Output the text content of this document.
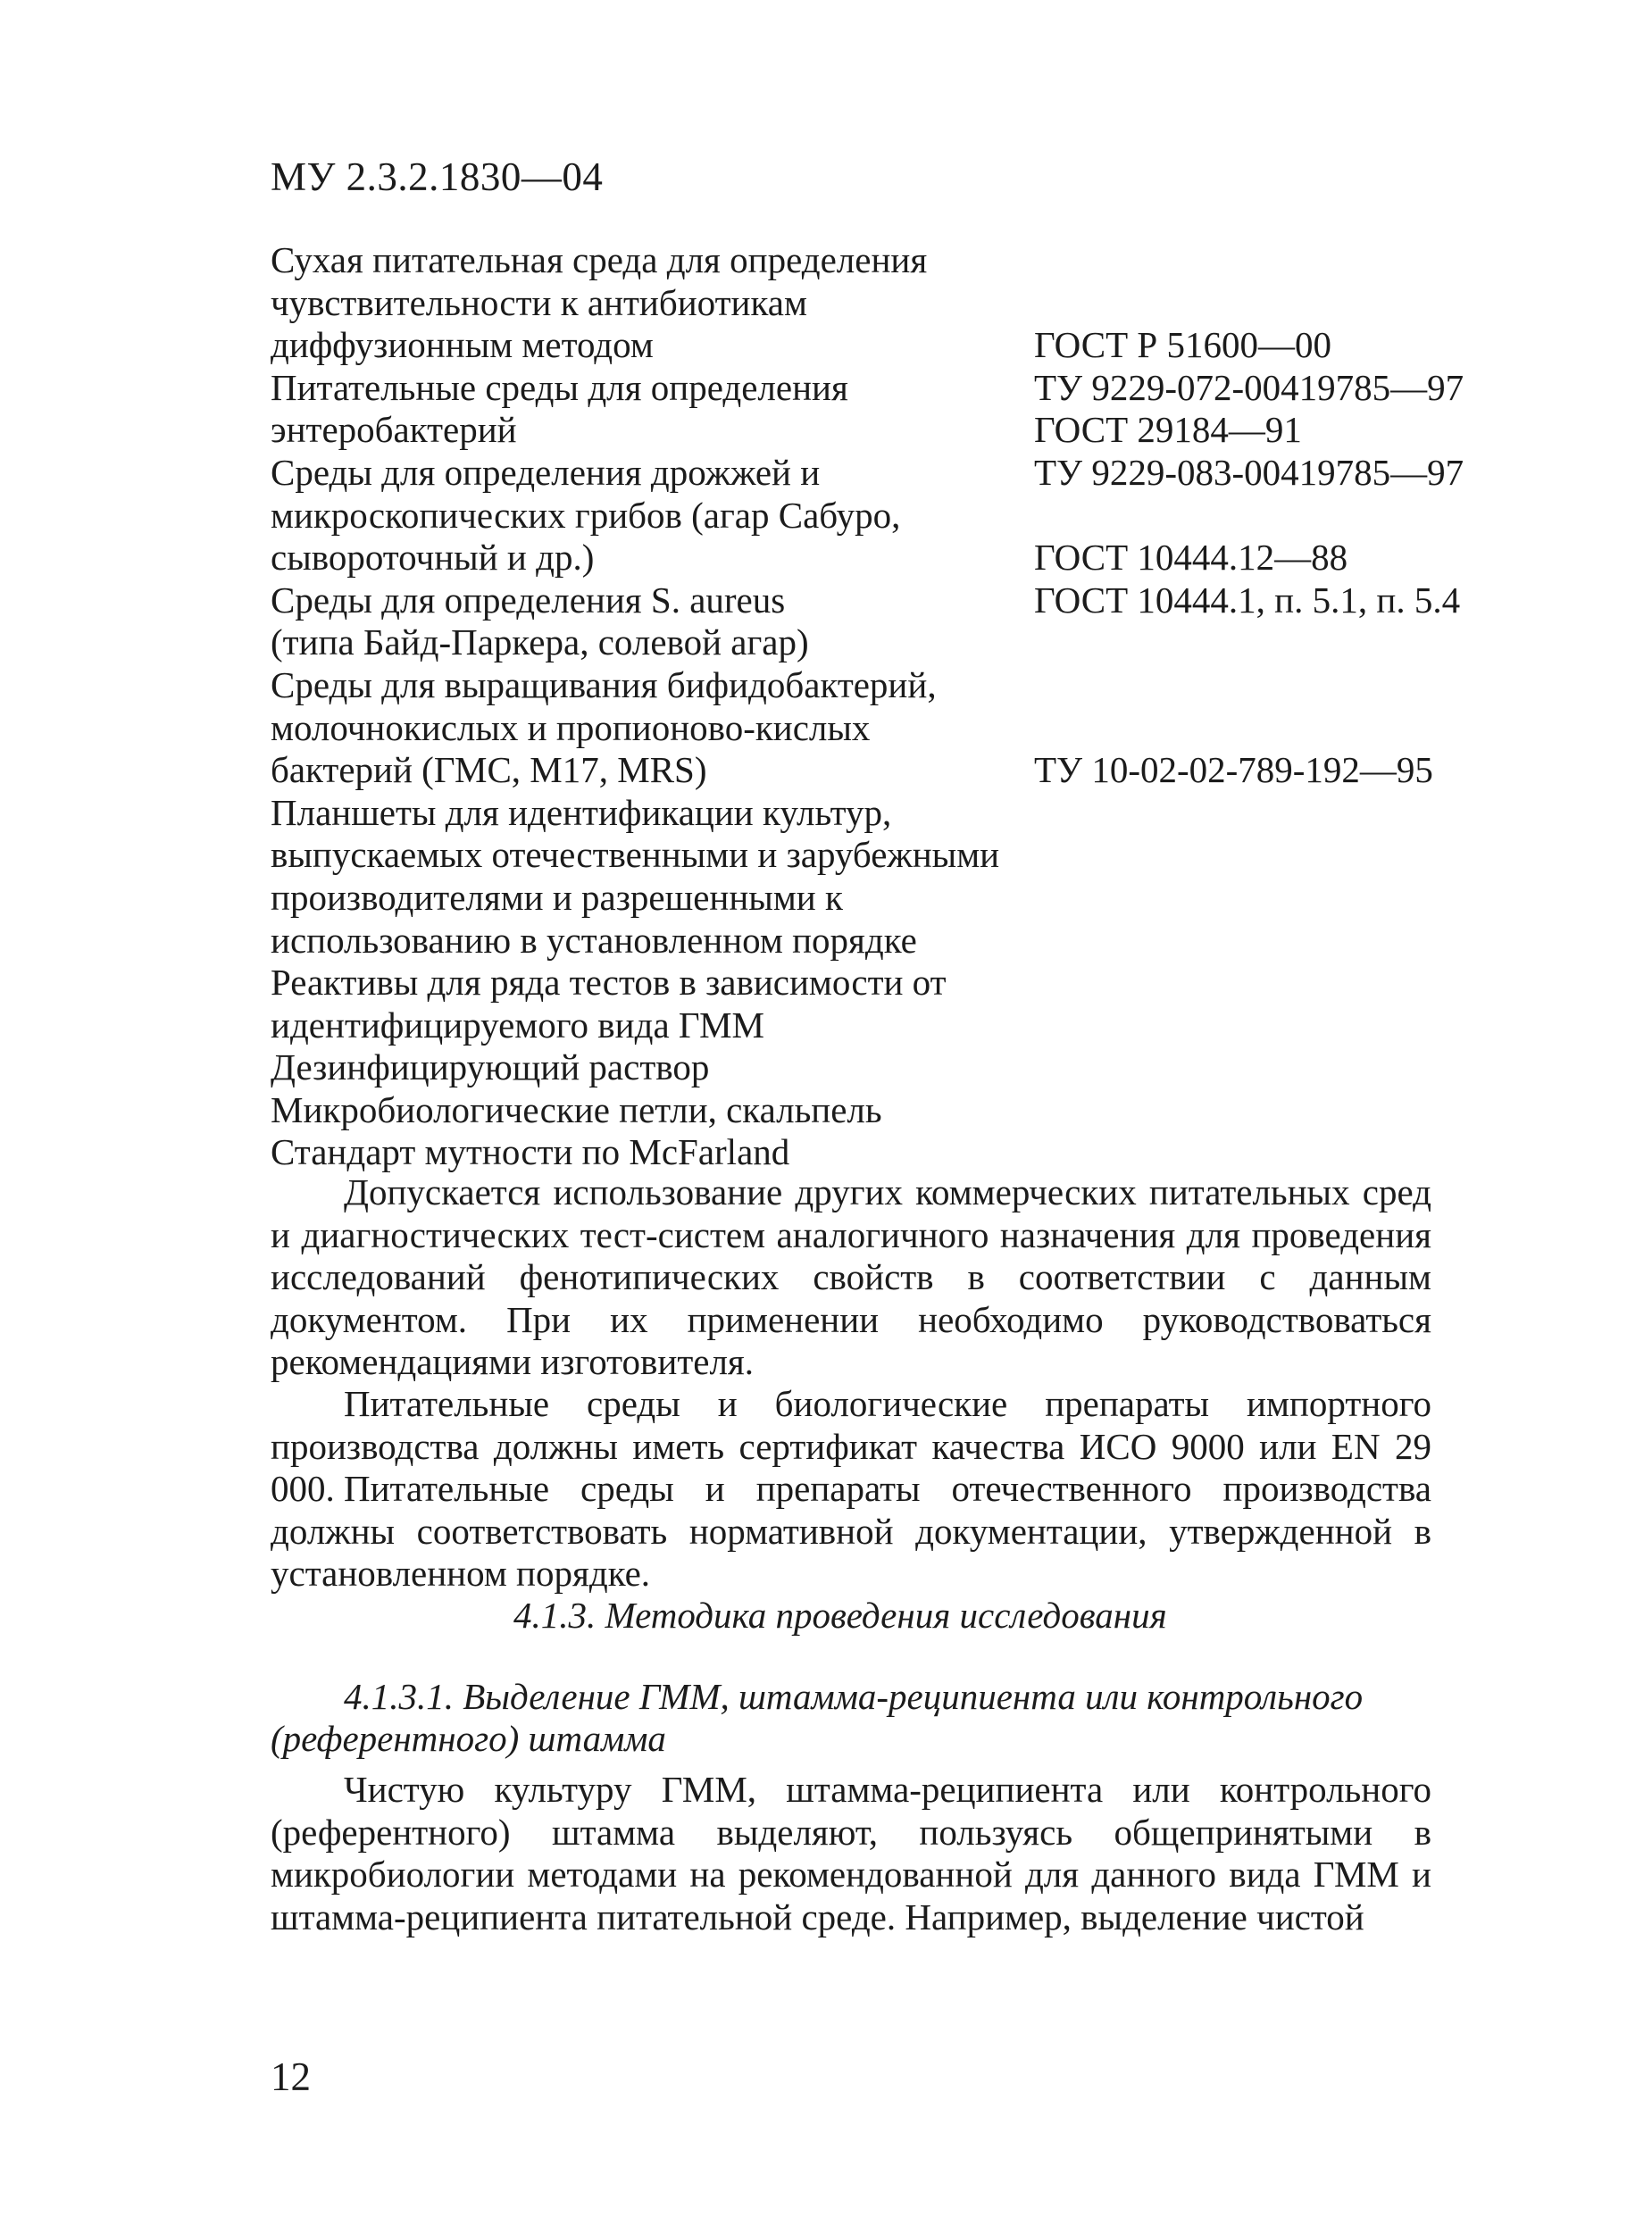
МУ 2.3.2.1830—04
Сухая питательная среда для определения
чувствительности к антибиотикам
диффузионным методом	ГОСТ Р 51600—00
Питательные среды для определения	ТУ 9229-072-00419785—97
энтеробактерий	ГОСТ 29184—91
Среды для определения дрожжей и	ТУ 9229-083-00419785—97
микроскопических грибов (агар Сабуро,
сывороточный и др.)	ГОСТ 10444.12—88
Среды для определения S. aureus	ГОСТ 10444.1, п. 5.1, п. 5.4
(типа Байд-Паркера, солевой агар)
Среды для выращивания бифидобактерий,
молочнокислых и пропионово-кислых
бактерий (ГМС, М17, MRS)	ТУ 10-02-02-789-192—95
Планшеты для идентификации культур,
выпускаемых отечественными и зарубежными
производителями и разрешенными к
использованию в установленном порядке
Реактивы для ряда тестов в зависимости от
идентифицируемого вида ГММ
Дезинфицирующий раствор
Микробиологические петли, скальпель
Стандарт мутности по McFarland

Допускается использование других коммерческих питательных сред и диагностических тест-систем аналогичного назначения для проведения исследований фенотипических свойств в соответствии с данным документом. При их применении необходимо руководствоваться рекомендациями изготовителя.

Питательные среды и биологические препараты импортного производства должны иметь сертификат качества ИСО 9000 или EN 29 000. Питательные среды и препараты отечественного производства должны соответствовать нормативной документации, утвержденной в установленном порядке.

4.1.3. Методика проведения исследования
4.1.3.1. Выделение ГММ, штамма-реципиента или контрольного
(референтного) штамма

Чистую культуру ГММ, штамма-реципиента или контрольного (референтного) штамма выделяют, пользуясь общепринятыми в микробиологии методами на рекомендованной для данного вида ГММ и штамма-реципиента питательной среде. Например, выделение чистой

12
